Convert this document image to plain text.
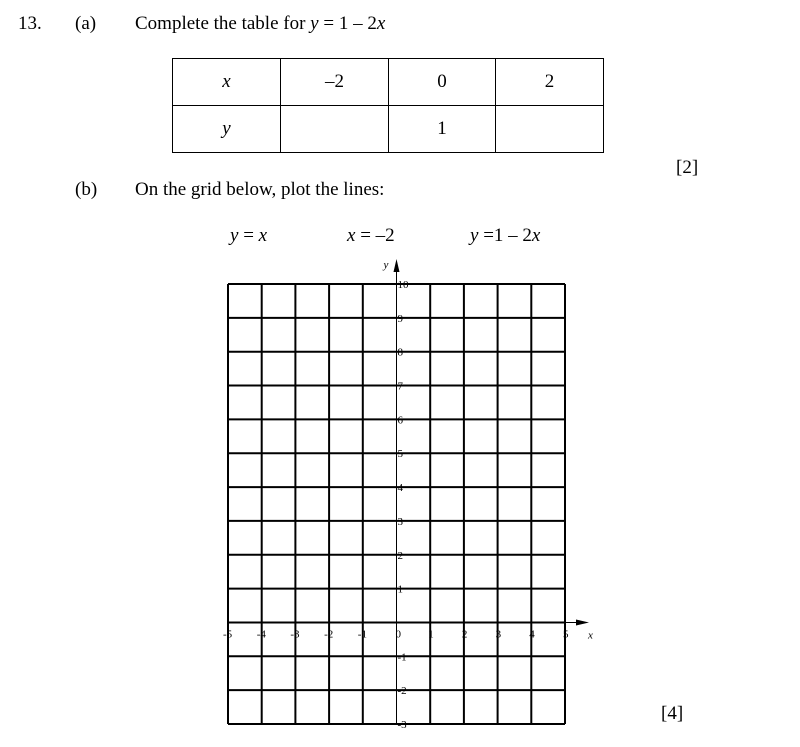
13. (a) Complete the table for y = 1 – 2x
x	–2	0	2
y		1	
[2]
(b) On the grid below, plot the lines:
y = x	x = –2	y =1 – 2x
[4]
y
x
10
9
8
7
6
5
4
3
2
1
-1
-2
-3
-5 -4 -3 -2 -1	0 1	2	3	4	5
